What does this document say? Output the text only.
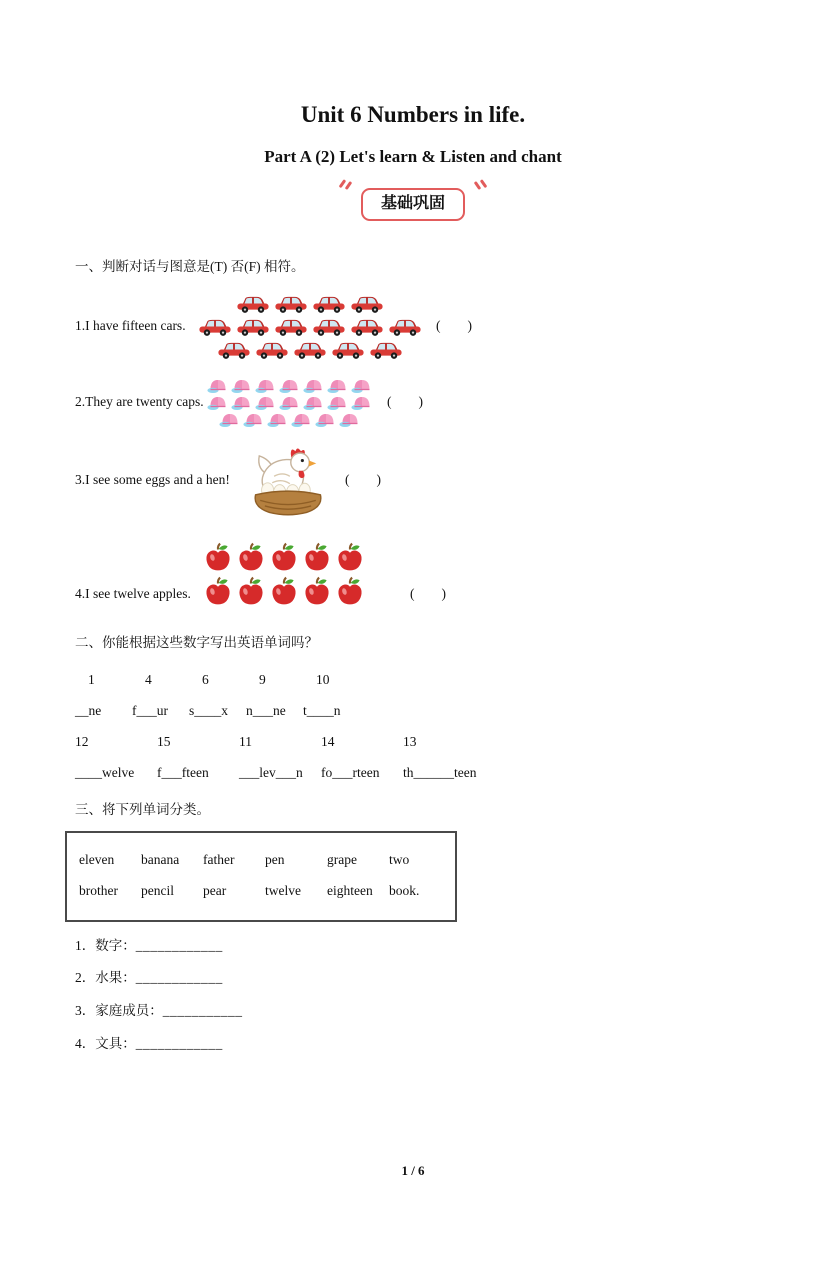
Unit 6 Numbers in life.
Part A (2) Let's learn & Listen and chant
基础巩固
一、判断对话与图意是(T) 否(F) 相符。
1.I have fifteen cars.	(        )
2.They are twenty caps.	(        )
3.I see some eggs and a hen!	(        )
4.I see twelve apples.	(        )
二、你能根据这些数字写出英语单词吗？
1	4	6	9	10
__ne	f___ur	s____x	n___ne	t____n
12	15	11	14	13
____welve	f___fteen	___lev___n	fo___rteen	th______teen
三、将下列单词分类。
eleven	banana	father	pen	grape	two
brother	pencil	pear	twelve	eighteen	book.
1．数字：____________
2．水果：____________
3．家庭成员：___________
4．文具：____________
1 / 6
